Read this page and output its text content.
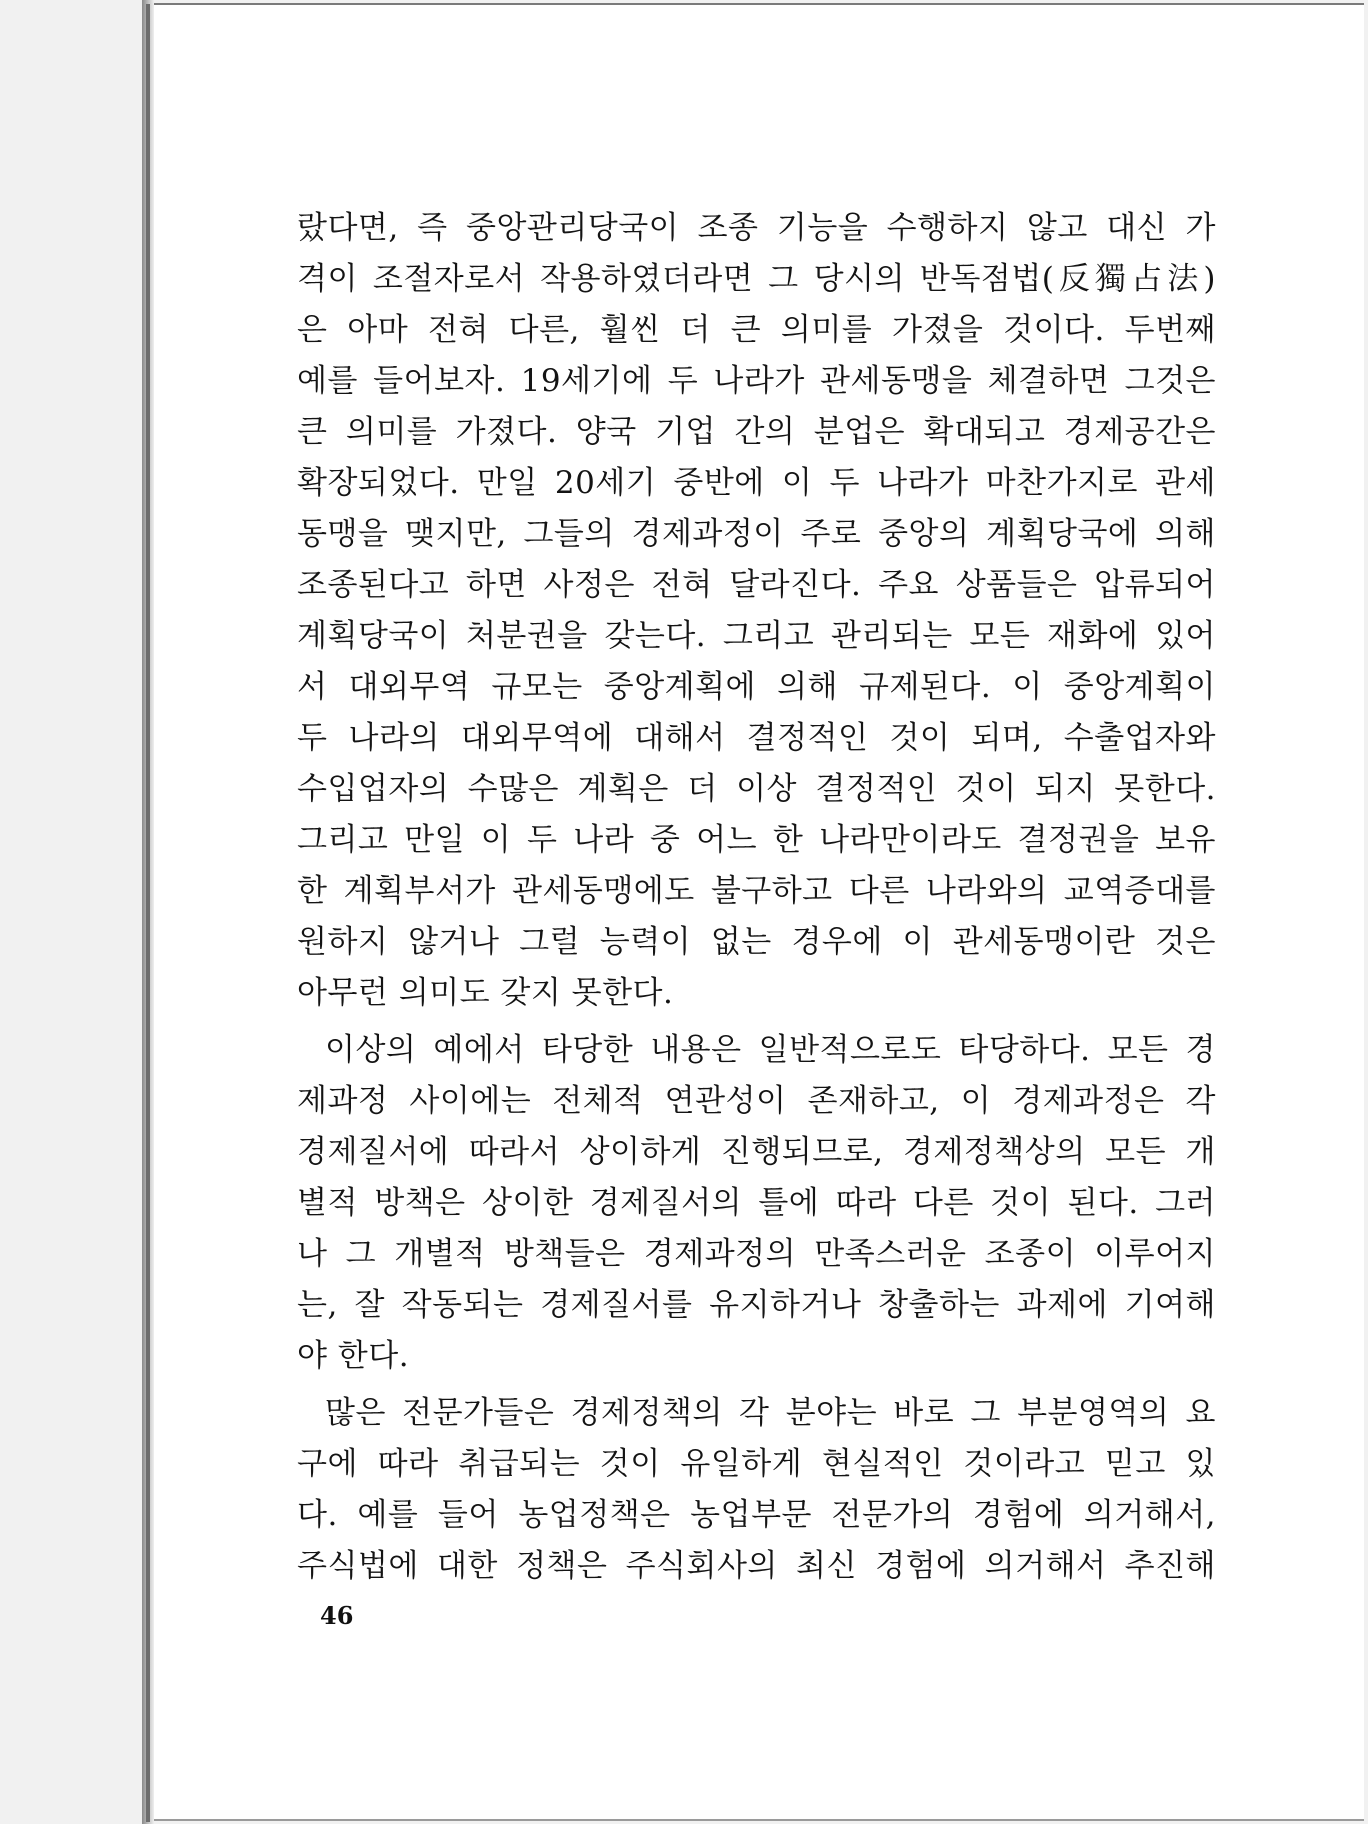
랐다면, 즉 중앙관리당국이 조종 기능을 수행하지 않고 대신 가
격이 조절자로서 작용하였더라면 그 당시의 반독점법(反獨占法)
은 아마 전혀 다른, 훨씬 더 큰 의미를 가졌을 것이다. 두번째
예를 들어보자. 19세기에 두 나라가 관세동맹을 체결하면 그것은
큰 의미를 가졌다. 양국 기업 간의 분업은 확대되고 경제공간은
확장되었다. 만일 20세기 중반에 이 두 나라가 마찬가지로 관세
동맹을 맺지만, 그들의 경제과정이 주로 중앙의 계획당국에 의해
조종된다고 하면 사정은 전혀 달라진다. 주요 상품들은 압류되어
계획당국이 처분권을 갖는다. 그리고 관리되는 모든 재화에 있어
서 대외무역 규모는 중앙계획에 의해 규제된다. 이 중앙계획이
두 나라의 대외무역에 대해서 결정적인 것이 되며, 수출업자와
수입업자의 수많은 계획은 더 이상 결정적인 것이 되지 못한다.
그리고 만일 이 두 나라 중 어느 한 나라만이라도 결정권을 보유
한 계획부서가 관세동맹에도 불구하고 다른 나라와의 교역증대를
원하지 않거나 그럴 능력이 없는 경우에 이 관세동맹이란 것은
아무런 의미도 갖지 못한다.
이상의 예에서 타당한 내용은 일반적으로도 타당하다. 모든 경
제과정 사이에는 전체적 연관성이 존재하고, 이 경제과정은 각
경제질서에 따라서 상이하게 진행되므로, 경제정책상의 모든 개
별적 방책은 상이한 경제질서의 틀에 따라 다른 것이 된다. 그러
나 그 개별적 방책들은 경제과정의 만족스러운 조종이 이루어지
는, 잘 작동되는 경제질서를 유지하거나 창출하는 과제에 기여해
야 한다.
많은 전문가들은 경제정책의 각 분야는 바로 그 부분영역의 요
구에 따라 취급되는 것이 유일하게 현실적인 것이라고 믿고 있
다. 예를 들어 농업정책은 농업부문 전문가의 경험에 의거해서,
주식법에 대한 정책은 주식회사의 최신 경험에 의거해서 추진해
46
